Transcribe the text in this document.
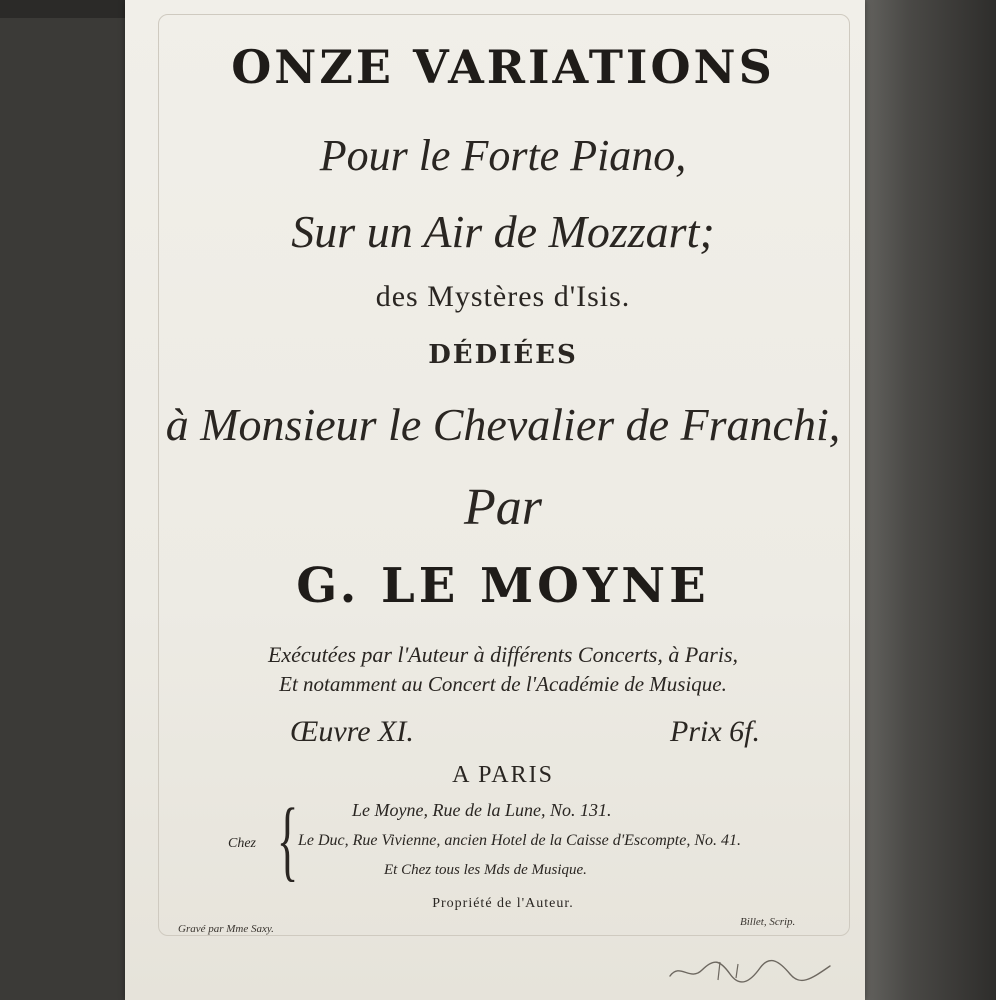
ONZE VARIATIONS
Pour le Forte Piano,
Sur un Air de Mozzart;
des Mystères d'Isis.
DÉDIÉES
à Monsieur le Chevalier de Franchi,
Par
G. LE MOYNE
Exécutées par l'Auteur à différents Concerts, à Paris,
Et notamment au Concert de l'Académie de Musique.
Œuvre XI.	Prix 6f.
A PARIS
Chez {	Le Moyne, Rue de la Lune, No. 131.
Le Duc, Rue Vivienne, ancien Hotel de la Caisse d'Escompte, No. 41.
Et Chez tous les Mds de Musique.
Propriété de l'Auteur.
Gravé par Mme Saxy.
Billet, Scrip.
